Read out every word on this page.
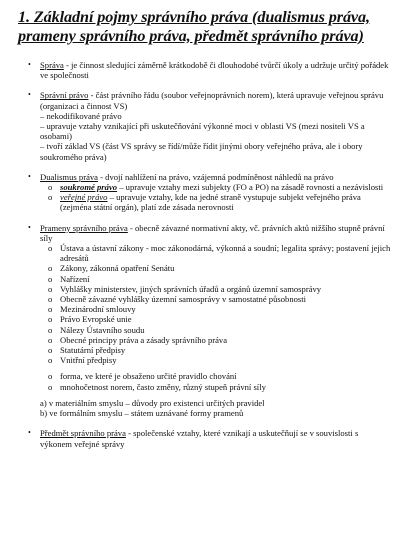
1. Základní pojmy správního práva (dualismus práva, prameny správního práva, předmět správního práva)
• Správa - je činnost sledující záměrně krátkodobě či dlouhodobé tvůrčí úkoly a udržuje určitý pořádek ve společnosti
• Správní právo - část právního řádu (soubor veřejnoprávních norem), která upravuje veřejnou správu (organizaci a činnost VS)
– nekodifikované právo
– upravuje vztahy vznikající při uskutečňování výkonné moci v oblasti VS (mezi nositeli VS a osobami)
– tvoří základ VS (část VS správy se řídí/může řídit jinými obory veřejného práva, ale i obory soukromého práva)
• Dualismus práva - dvojí nahlížení na právo, vzájemná podmíněnost náhledů na právo
o soukromé právo – upravuje vztahy mezi subjekty (FO a PO) na zásadě rovnosti a nezávislosti
o veřejné právo – upravuje vztahy, kde na jedné straně vystupuje subjekt veřejného práva (zejména státní orgán), platí zde zásada nerovnosti
• Prameny správního práva - obecně závazné normativní akty, vč. právních aktů nižšího stupně právní síly
o Ústava a ústavní zákony - moc zákonodárná, výkonná a soudní; legalita správy; postavení jejich adresátů
o Zákony, zákonná opatření Senátu
o Nařízení
o Vyhlášky ministerstev, jiných správních úřadů a orgánů územní samosprávy
o Obecně závazné vyhlášky územní samosprávy v samostatné působnosti
o Mezinárodní smlouvy
o Právo Evropské unie
o Nálezy Ústavního soudu
o Obecné principy práva a zásady správního práva
o Statutární předpisy
o Vnitřní předpisy
o forma, ve které je obsaženo určité pravidlo chování
o mnohočetnost norem, často změny, různý stupeň právní síly
a) v materiálním smyslu – důvody pro existenci určitých pravidel
b) ve formálním smyslu – státem uznávané formy pramenů
• Předmět správního práva - společenské vztahy, které vznikají a uskutečňují se v souvislosti s výkonem veřejné správy
